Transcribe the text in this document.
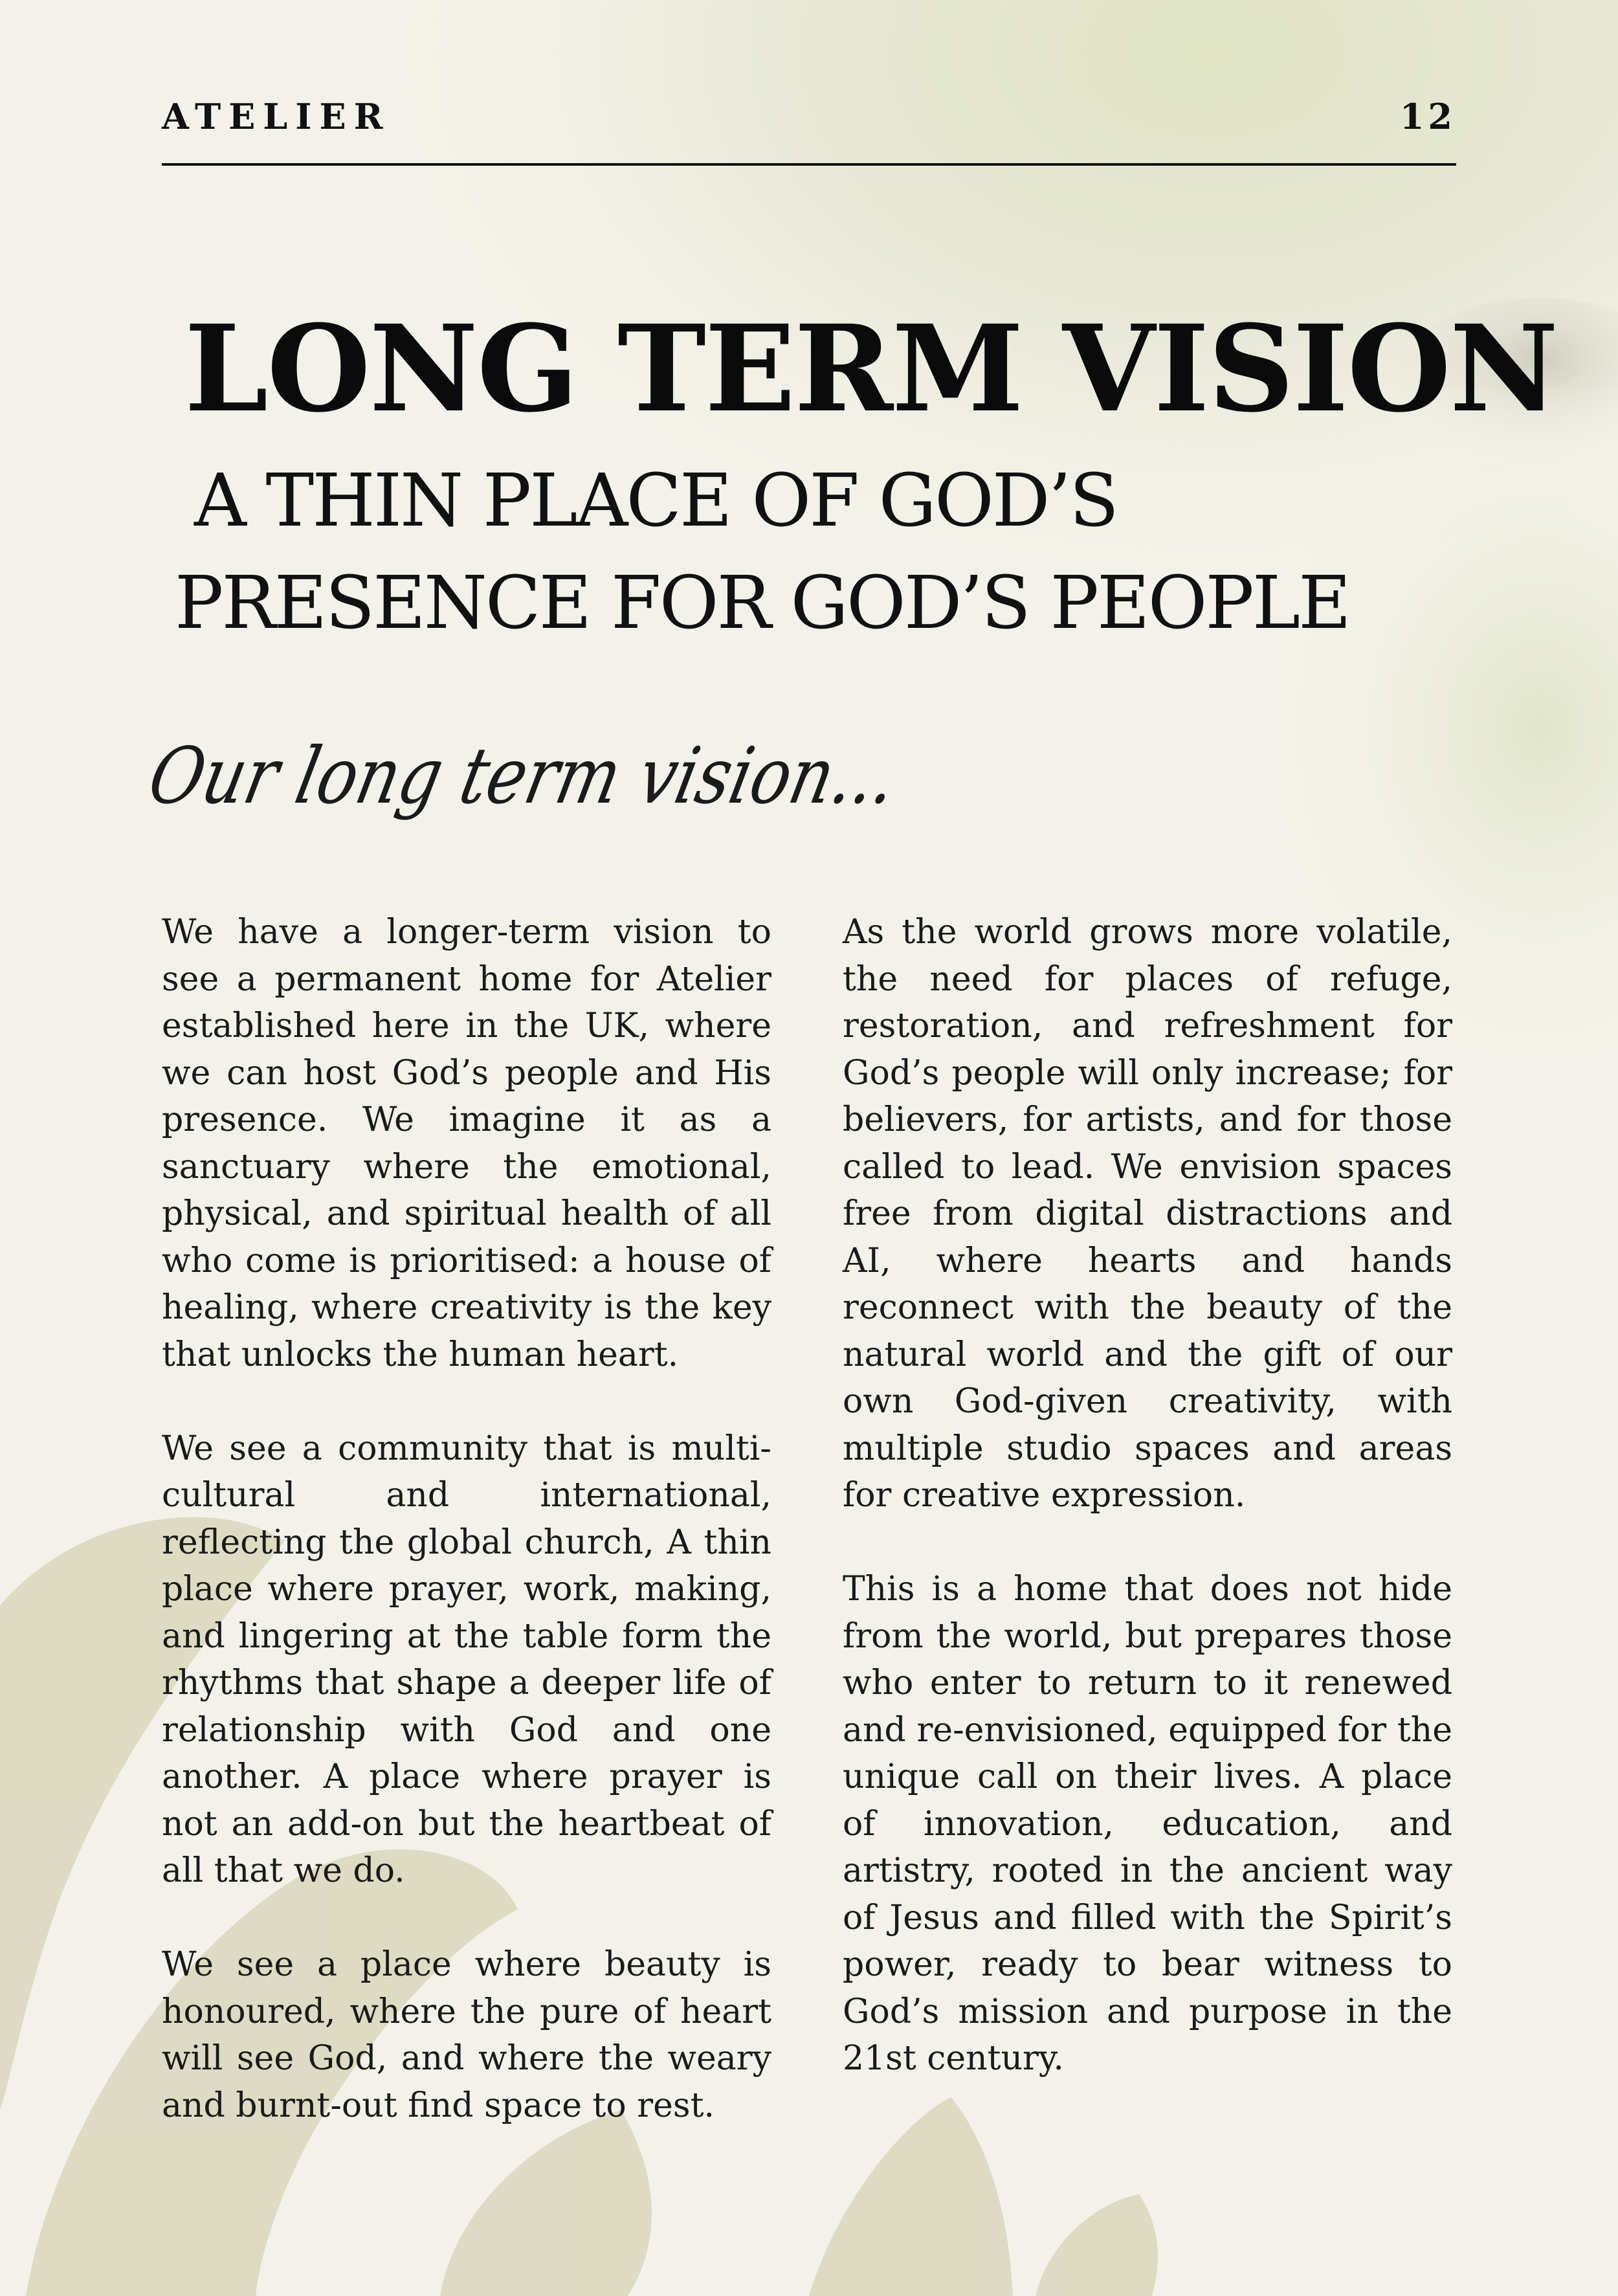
ATELIER	12
LONG TERM VISION
A THIN PLACE OF GOD’S
PRESENCE FOR GOD’S PEOPLE
Our long term vision...

We have a longer-term vision to see a permanent home for Atelier established here in the UK, where we can host God’s people and His presence. We imagine it as a sanctuary where the emotional, physical, and spiritual health of all who come is prioritised: a house of healing, where creativity is the key that unlocks the human heart.

We see a community that is multi-cultural and international, reflecting the global church, A thin place where prayer, work, making, and lingering at the table form the rhythms that shape a deeper life of relationship with God and one another. A place where prayer is not an add-on but the heartbeat of all that we do.

We see a place where beauty is honoured, where the pure of heart will see God, and where the weary and burnt-out find space to rest.

As the world grows more volatile, the need for places of refuge, restoration, and refreshment for God’s people will only increase; for believers, for artists, and for those called to lead. We envision spaces free from digital distractions and AI, where hearts and hands reconnect with the beauty of the natural world and the gift of our own God-given creativity, with multiple studio spaces and areas for creative expression.

This is a home that does not hide from the world, but prepares those who enter to return to it renewed and re-envisioned, equipped for the unique call on their lives. A place of innovation, education, and artistry, rooted in the ancient way of Jesus and filled with the Spirit’s power, ready to bear witness to God’s mission and purpose in the 21st century.
